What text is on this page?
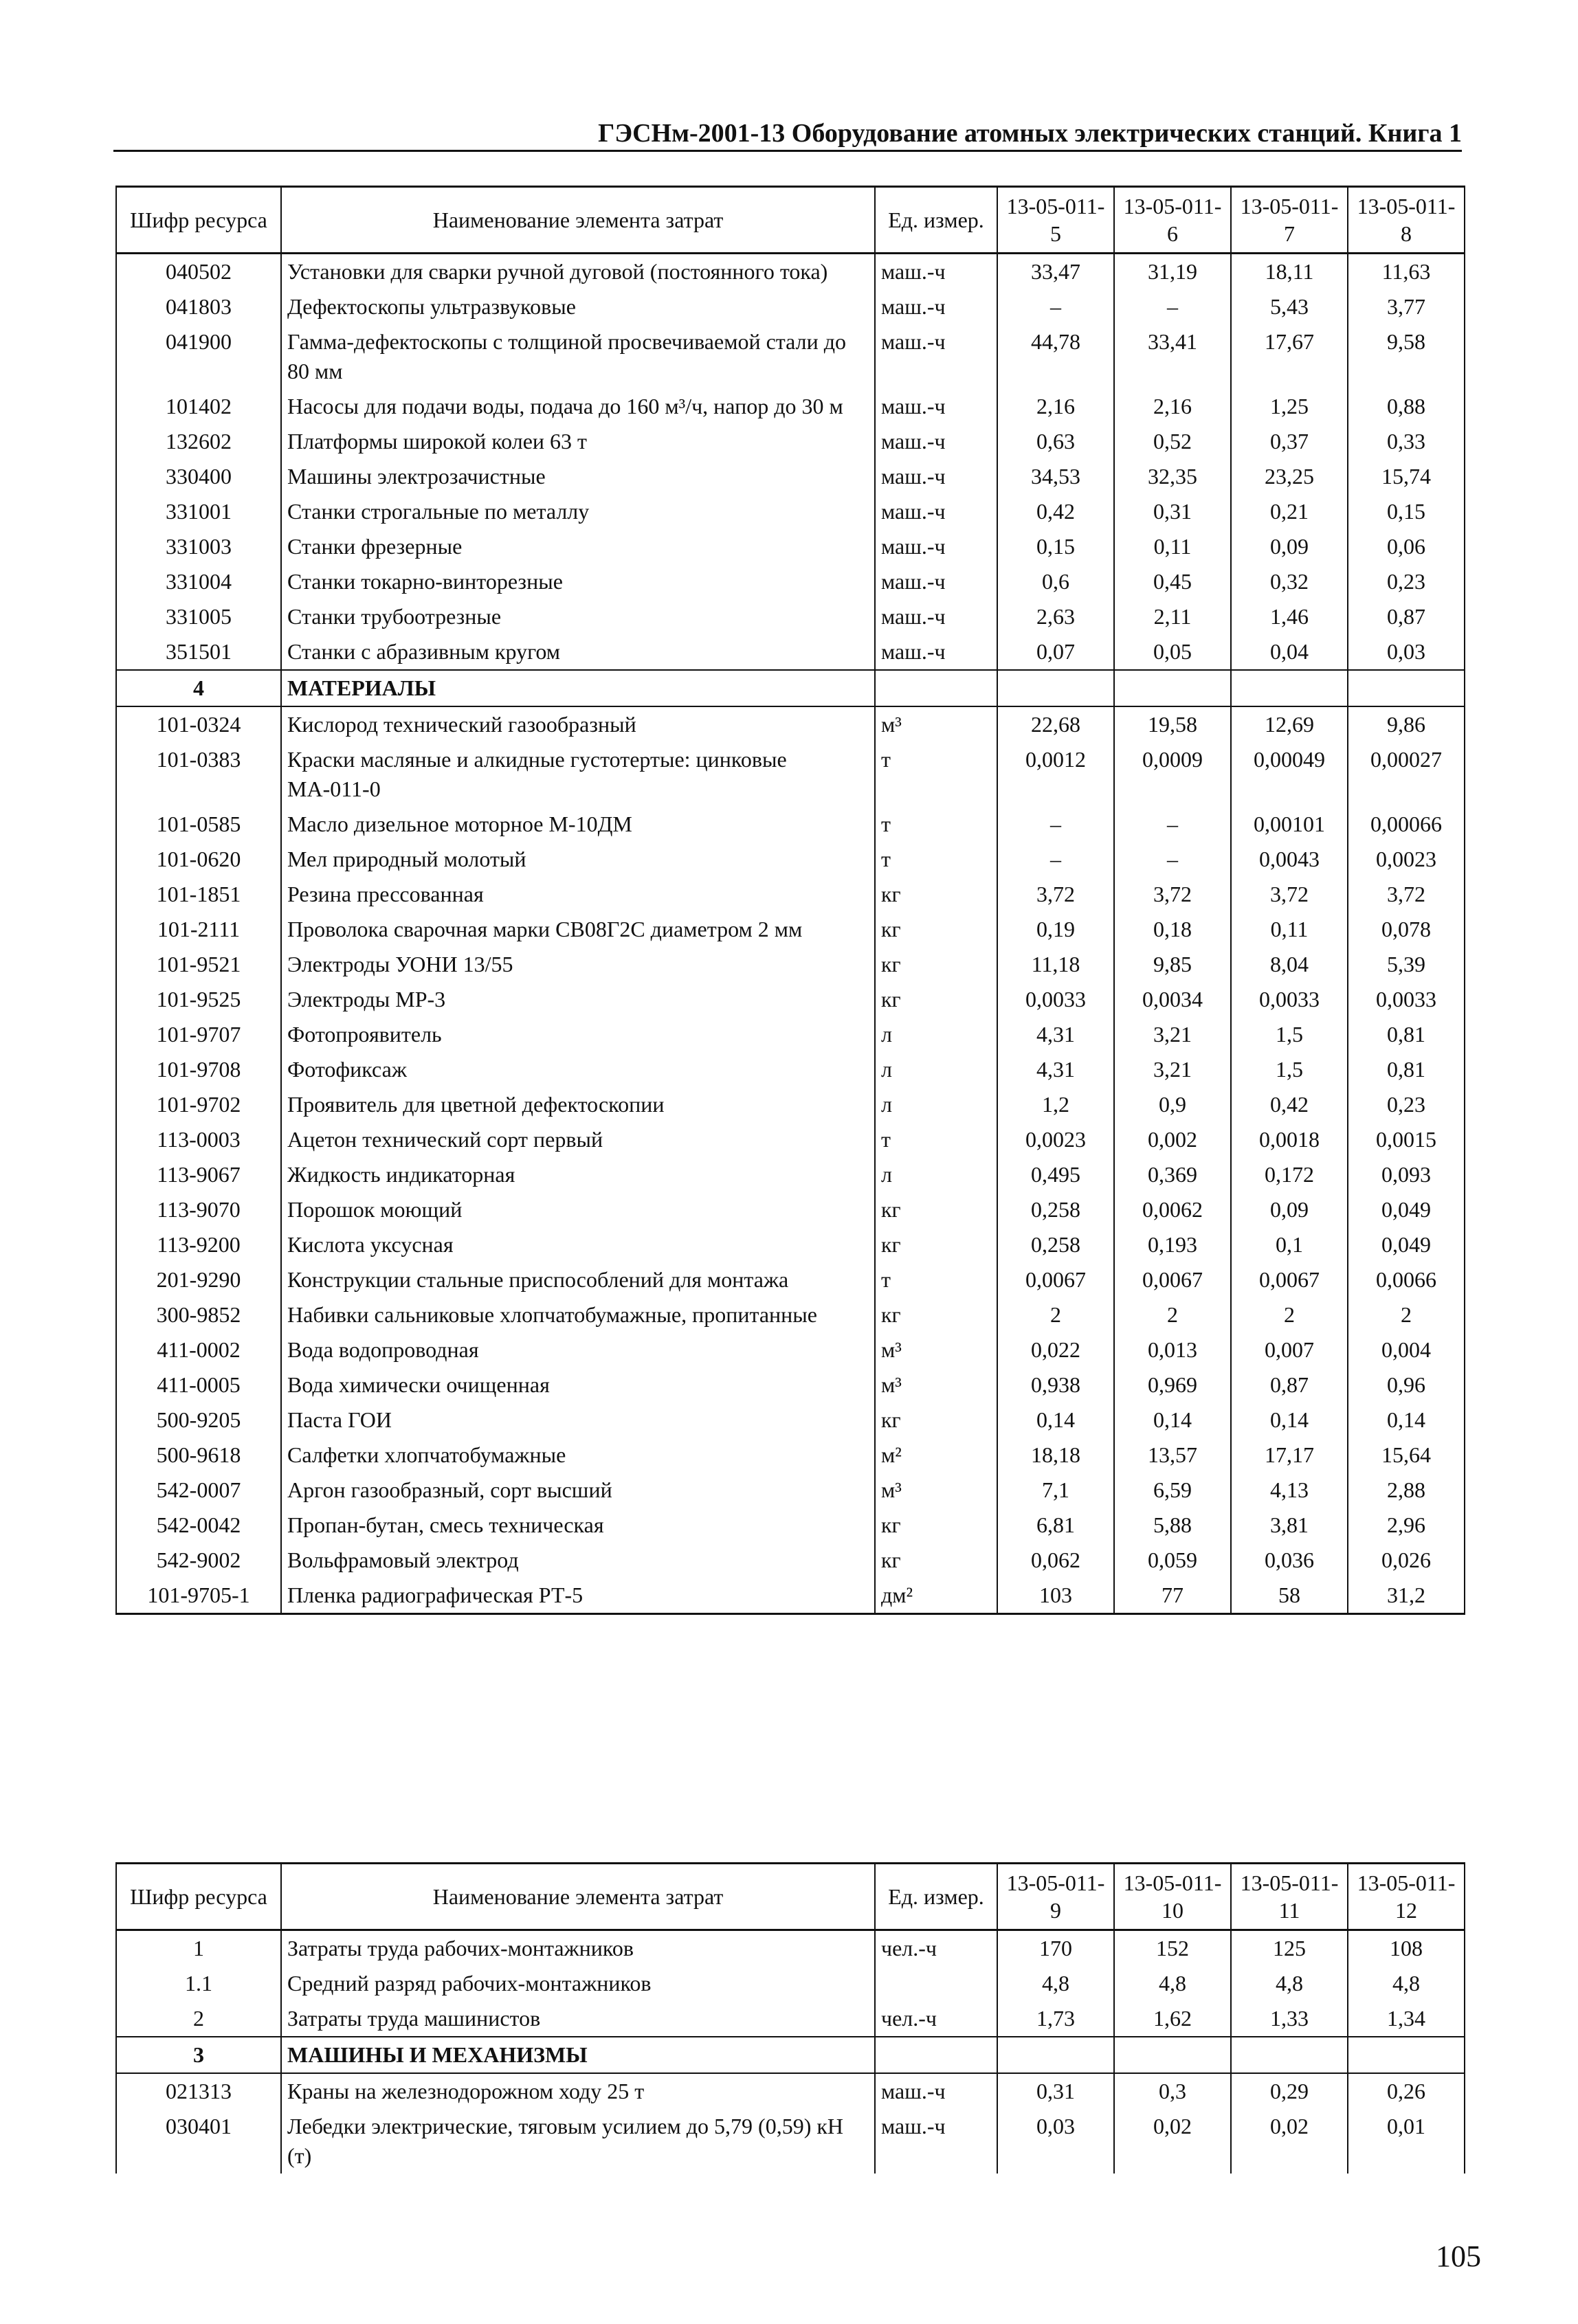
ГЭСНм-2001-13 Оборудование атомных электрических станций. Книга 1
Шифр ресурса	Наименование элемента затрат	Ед. измер.	13-05-011-5	13-05-011-6	13-05-011-7	13-05-011-8
040502	Установки для сварки ручной дуговой (постоянного тока)	маш.-ч	33,47	31,19	18,11	11,63
041803	Дефектоскопы ультразвуковые	маш.-ч	–	–	5,43	3,77
041900	Гамма-дефектоскопы с толщиной просвечиваемой стали до 80 мм	маш.-ч	44,78	33,41	17,67	9,58
101402	Насосы для подачи воды, подача до 160 м³/ч, напор до 30 м	маш.-ч	2,16	2,16	1,25	0,88
132602	Платформы широкой колеи 63 т	маш.-ч	0,63	0,52	0,37	0,33
330400	Машины электрозачистные	маш.-ч	34,53	32,35	23,25	15,74
331001	Станки строгальные по металлу	маш.-ч	0,42	0,31	0,21	0,15
331003	Станки фрезерные	маш.-ч	0,15	0,11	0,09	0,06
331004	Станки токарно-винторезные	маш.-ч	0,6	0,45	0,32	0,23
331005	Станки трубоотрезные	маш.-ч	2,63	2,11	1,46	0,87
351501	Станки с абразивным кругом	маш.-ч	0,07	0,05	0,04	0,03
4	МАТЕРИАЛЫ					
101-0324	Кислород технический газообразный	м³	22,68	19,58	12,69	9,86
101-0383	Краски масляные и алкидные густотертые: цинковые МА-011-0	т	0,0012	0,0009	0,00049	0,00027
101-0585	Масло дизельное моторное М-10ДМ	т	–	–	0,00101	0,00066
101-0620	Мел природный молотый	т	–	–	0,0043	0,0023
101-1851	Резина прессованная	кг	3,72	3,72	3,72	3,72
101-2111	Проволока сварочная марки СВ08Г2С диаметром 2 мм	кг	0,19	0,18	0,11	0,078
101-9521	Электроды УОНИ 13/55	кг	11,18	9,85	8,04	5,39
101-9525	Электроды МР-3	кг	0,0033	0,0034	0,0033	0,0033
101-9707	Фотопроявитель	л	4,31	3,21	1,5	0,81
101-9708	Фотофиксаж	л	4,31	3,21	1,5	0,81
101-9702	Проявитель для цветной дефектоскопии	л	1,2	0,9	0,42	0,23
113-0003	Ацетон технический сорт первый	т	0,0023	0,002	0,0018	0,0015
113-9067	Жидкость индикаторная	л	0,495	0,369	0,172	0,093
113-9070	Порошок моющий	кг	0,258	0,0062	0,09	0,049
113-9200	Кислота уксусная	кг	0,258	0,193	0,1	0,049
201-9290	Конструкции стальные приспособлений для монтажа	т	0,0067	0,0067	0,0067	0,0066
300-9852	Набивки сальниковые хлопчатобумажные, пропитанные	кг	2	2	2	2
411-0002	Вода водопроводная	м³	0,022	0,013	0,007	0,004
411-0005	Вода химически очищенная	м³	0,938	0,969	0,87	0,96
500-9205	Паста ГОИ	кг	0,14	0,14	0,14	0,14
500-9618	Салфетки хлопчатобумажные	м²	18,18	13,57	17,17	15,64
542-0007	Аргон газообразный, сорт высший	м³	7,1	6,59	4,13	2,88
542-0042	Пропан-бутан, смесь техническая	кг	6,81	5,88	3,81	2,96
542-9002	Вольфрамовый электрод	кг	0,062	0,059	0,036	0,026
101-9705-1	Пленка радиографическая РТ-5	дм²	103	77	58	31,2
Шифр ресурса	Наименование элемента затрат	Ед. измер.	13-05-011-9	13-05-011-10	13-05-011-11	13-05-011-12
1	Затраты труда рабочих-монтажников	чел.-ч	170	152	125	108
1.1	Средний разряд рабочих-монтажников		4,8	4,8	4,8	4,8
2	Затраты труда машинистов	чел.-ч	1,73	1,62	1,33	1,34
3	МАШИНЫ И МЕХАНИЗМЫ					
021313	Краны на железнодорожном ходу 25 т	маш.-ч	0,31	0,3	0,29	0,26
030401	Лебедки электрические, тяговым усилием до 5,79 (0,59) кН (т)	маш.-ч	0,03	0,02	0,02	0,01
105
